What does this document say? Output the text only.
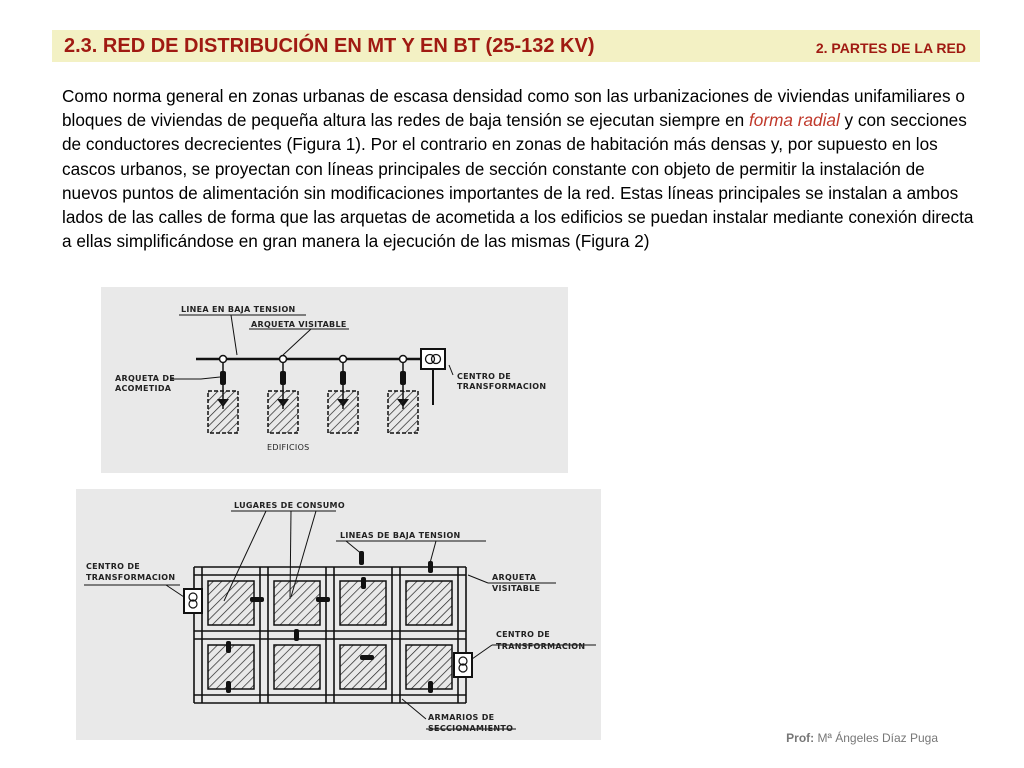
2.3. RED DE DISTRIBUCIÓN EN MT Y EN BT (25-132 KV)	2. PARTES DE LA RED

Como norma general en zonas urbanas de escasa densidad como son las urbanizaciones de viviendas unifamiliares o bloques de viviendas de pequeña altura las redes de baja tensión se ejecutan siempre en forma radial y con secciones de conductores decrecientes (Figura 1). Por el contrario en zonas de habitación más densas y, por supuesto en los cascos urbanos, se proyectan con líneas principales de sección constante con objeto de permitir la instalación de nuevos puntos de alimentación sin modificaciones importantes de la red. Estas líneas principales se instalan a ambos lados de las calles de forma que las arquetas de acometida a los edificios se puedan instalar mediante conexión directa a ellas simplificándose en gran manera la ejecución de las mismas (Figura 2)

LINEA EN BAJA TENSION
ARQUETA VISITABLE
ARQUETA DE
ACOMETIDA
CENTRO DE
TRANSFORMACION
EDIFICIOS
LUGARES DE CONSUMO
LINEAS DE BAJA TENSION
CENTRO DE
TRANSFORMACION	ARQUETA
VISITABLE
CENTRO DE
TRANSFORMACION
ARMARIOS DE
SECCIONAMIENTO
Prof: Mª Ángeles Díaz Puga
